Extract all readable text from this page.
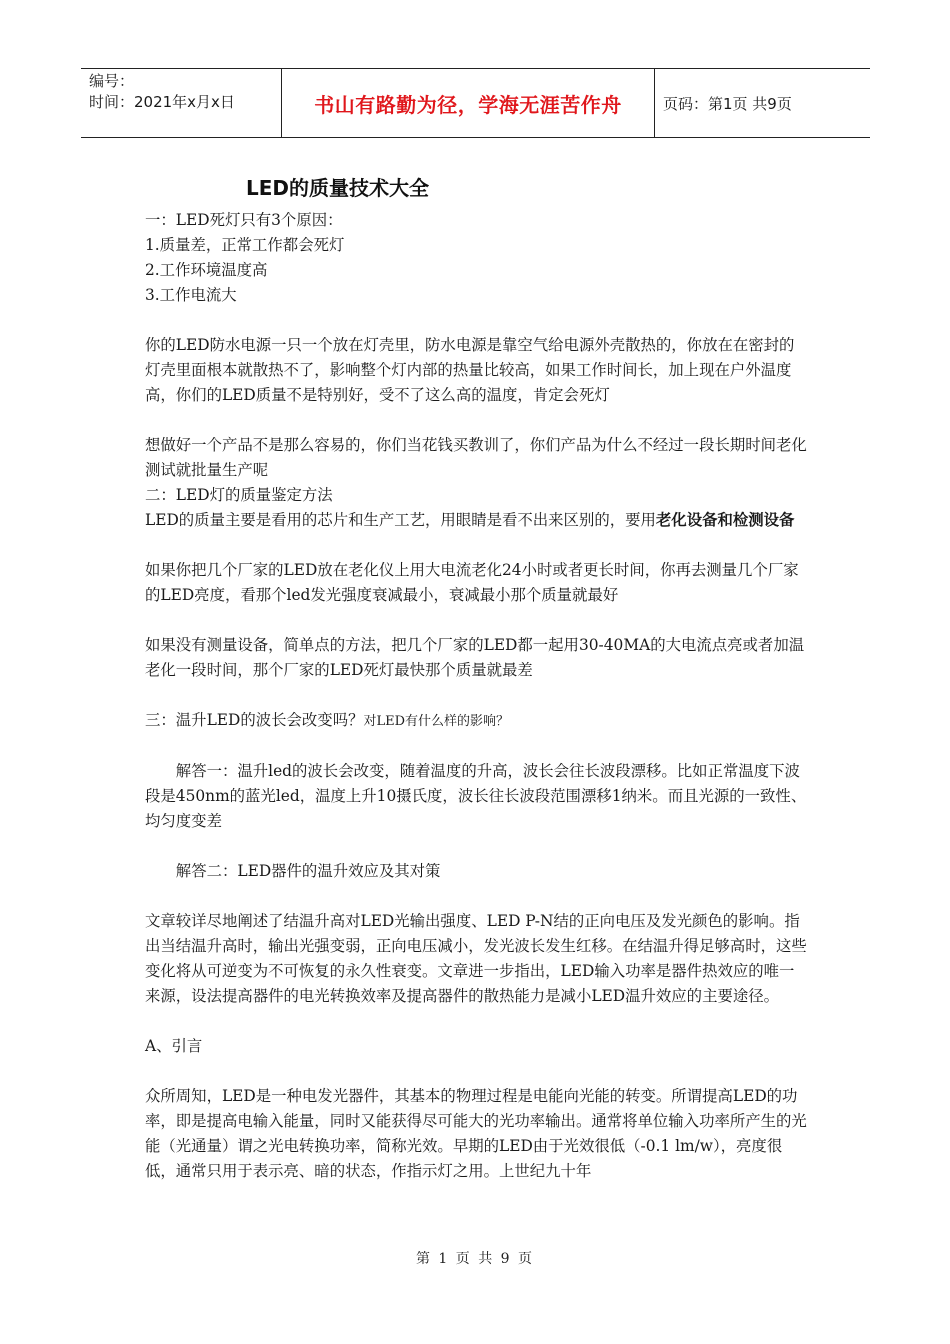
编号：
时间：2021年x月x日	书山有路勤为径，学海无涯苦作舟	页码：第1页 共9页
LED的质量技术大全

一：LED死灯只有3个原因：

1.质量差，正常工作都会死灯

2.工作环境温度高

3.工作电流大

你的LED防水电源一只一个放在灯壳里，防水电源是靠空气给电源外壳散热的，你放在在密封的灯壳里面根本就散热不了，影响整个灯内部的热量比较高，如果工作时间长，加上现在户外温度高，你们的LED质量不是特别好，受不了这么高的温度，肯定会死灯

想做好一个产品不是那么容易的，你们当花钱买教训了，你们产品为什么不经过一段长期时间老化测试就批量生产呢

二：LED灯的质量鉴定方法

LED的质量主要是看用的芯片和生产工艺，用眼睛是看不出来区别的，要用老化设备和检测设备

如果你把几个厂家的LED放在老化仪上用大电流老化24小时或者更长时间，你再去测量几个厂家的LED亮度，看那个led发光强度衰减最小，衰减最小那个质量就最好

如果没有测量设备，简单点的方法，把几个厂家的LED都一起用30-40MA的大电流点亮或者加温老化一段时间，那个厂家的LED死灯最快那个质量就最差

三：温升LED的波长会改变吗？对LED有什么样的影响？

解答一：温升led的波长会改变，随着温度的升高，波长会往长波段漂移。比如正常温度下波段是450nm的蓝光led，温度上升10摄氏度，波长往长波段范围漂移1纳米。而且光源的一致性、均匀度变差

解答二：LED器件的温升效应及其对策

文章较详尽地阐述了结温升高对LED光输出强度、LED P-N结的正向电压及发光颜色的影响。指出当结温升高时，输出光强变弱，正向电压减小，发光波长发生红移。在结温升得足够高时，这些变化将从可逆变为不可恢复的永久性衰变。文章进一步指出，LED输入功率是器件热效应的唯一来源，设法提高器件的电光转换效率及提高器件的散热能力是减小LED温升效应的主要途径。

A、引言

众所周知，LED是一种电发光器件，其基本的物理过程是电能向光能的转变。所谓提高LED的功率，即是提高电输入能量，同时又能获得尽可能大的光功率输出。通常将单位输入功率所产生的光能（光通量）谓之光电转换功率，简称光效。早期的LED由于光效很低（-0.1 lm/w），亮度很低，通常只用于表示亮、暗的状态，作指示灯之用。上世纪九十年

第 1 页 共 9 页
